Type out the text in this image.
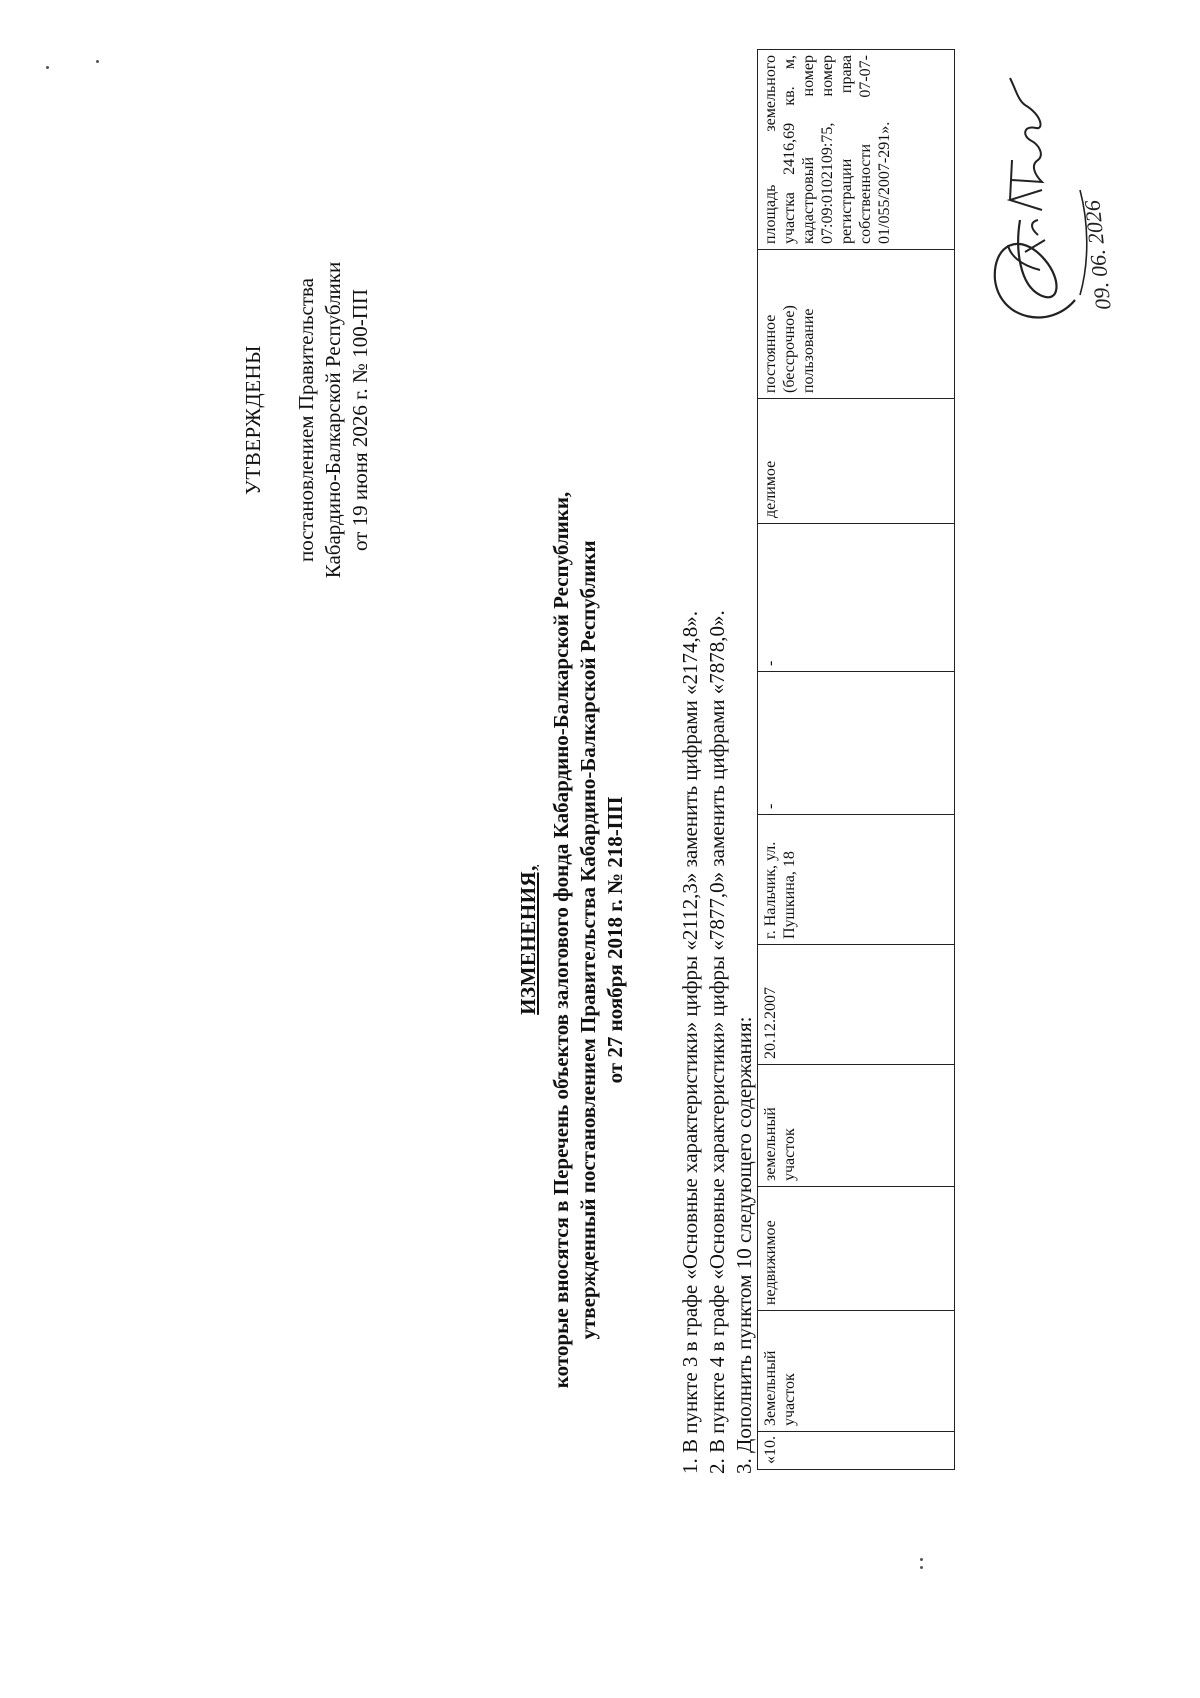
УТВЕРЖДЕНЫ постановлением Правительства Кабардино-Балкарской Республики от 19 июня 2026 г. № 100-ПП
ИЗМЕНЕНИЯ, которые вносятся в Перечень объектов залогового фонда Кабардино-Балкарской Республики, утвержденный постановлением Правительства Кабардино-Балкарской Республики от 27 ноября 2018 г. № 218-ПП 1. В пункте 3 в графе «Основные характеристики» цифры «2112,3» заменить цифрами «2174,8». 2. В пункте 4 в графе «Основные характеристики» цифры «7877,0» заменить цифрами «7878,0». 3. Дополнить пунктом 10 следующего содержания: «10.	Земельный участок	недвижимое	земельный участок	20.12.2007	г. Нальчик, ул. Пушкина, 18	-	-	делимое	постоянное (бессрочное) пользование	площадь земельного участка 2416,69 кв. м, кадастровый номер 07:09:0102109:75, номер регистрации права собственности 07-07-01/055/2007-291».
09. 06. 2026
